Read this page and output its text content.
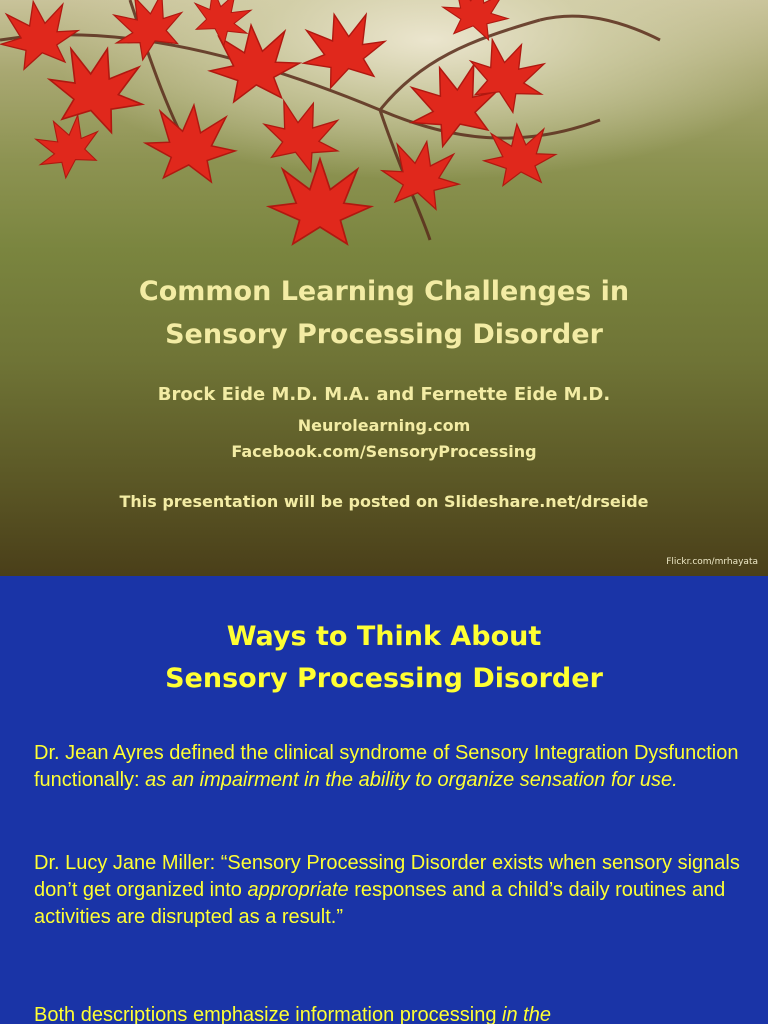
Common Learning Challenges in
Sensory Processing Disorder
Brock Eide M.D. M.A. and Fernette Eide M.D.
Neurolearning.com
Facebook.com/SensoryProcessing
This presentation will be posted on Slideshare.net/drseide
Flickr.com/mrhayata
Ways to Think About
Sensory Processing Disorder
Dr. Jean Ayres defined the clinical syndrome of Sensory Integration Dysfunction functionally: as an impairment in the ability to organize sensation for use.
Dr. Lucy Jane Miller: “Sensory Processing Disorder exists when sensory signals don’t get organized into appropriate responses and a child’s daily routines and activities are disrupted as a result.”
Both descriptions emphasize information processing in the
